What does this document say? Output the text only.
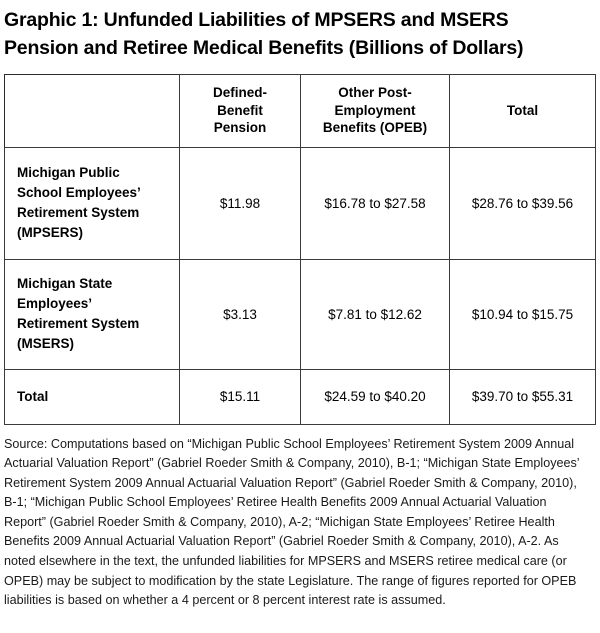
Graphic 1: Unfunded Liabilities of MPSERS and MSERS Pension and Retiree Medical Benefits (Billions of Dollars)
	Defined-
Benefit
Pension	Other Post-
Employment
Benefits (OPEB)	Total
Michigan Public
School Employees’
Retirement System
(MPSERS)	$11.98	$16.78 to $27.58	$28.76 to $39.56
Michigan State
Employees’
Retirement System
(MSERS)	$3.13	$7.81 to $12.62	$10.94 to $15.75
Total	$15.11	$24.59 to $40.20	$39.70 to $55.31

Source: Computations based on “Michigan Public School Employees’ Retirement System 2009 Annual Actuarial Valuation Report” (Gabriel Roeder Smith & Company, 2010), B-1; “Michigan State Employees’ Retirement System 2009 Annual Actuarial Valuation Report” (Gabriel Roeder Smith & Company, 2010), B-1; “Michigan Public School Employees’ Retiree Health Benefits 2009 Annual Actuarial Valuation Report” (Gabriel Roeder Smith & Company, 2010), A-2; “Michigan State Employees’ Retiree Health Benefits 2009 Annual Actuarial Valuation Report” (Gabriel Roeder Smith & Company, 2010), A-2. As noted elsewhere in the text, the unfunded liabilities for MPSERS and MSERS retiree medical care (or OPEB) may be subject to modification by the state Legislature. The range of figures reported for OPEB liabilities is based on whether a 4 percent or 8 percent interest rate is assumed.
